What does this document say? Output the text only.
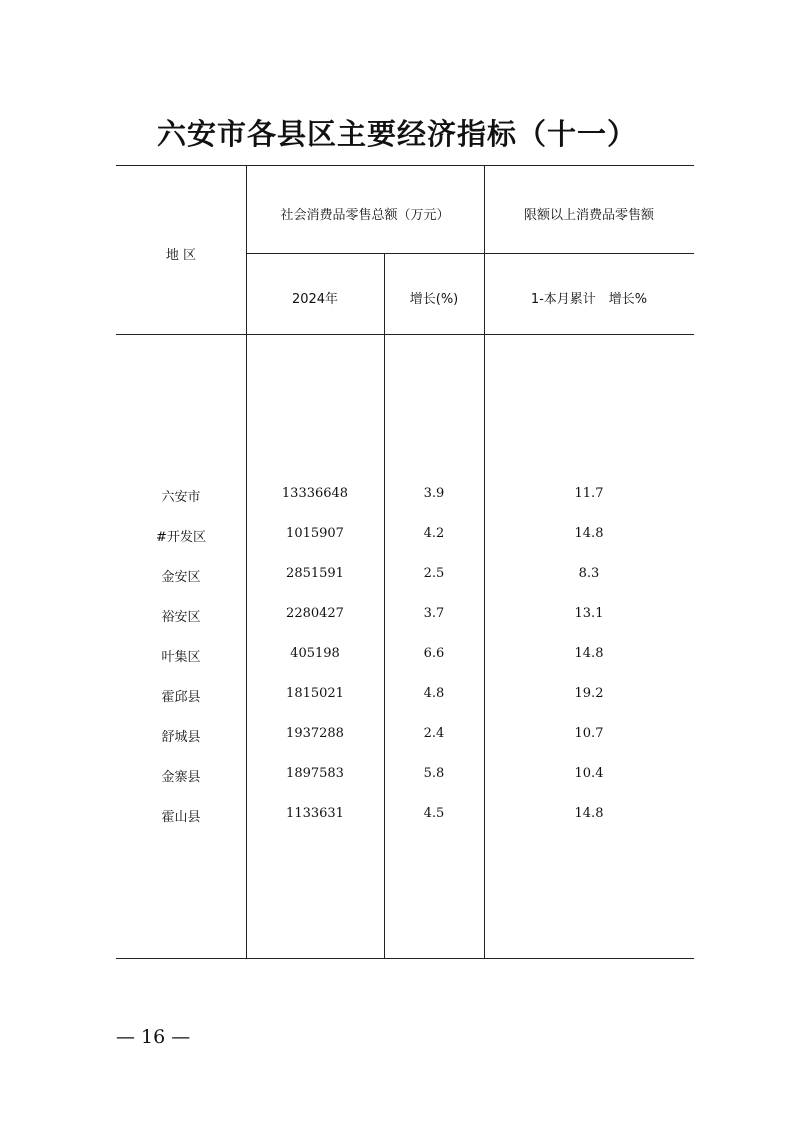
六安市各县区主要经济指标（十一）
地 区
社会消费品零售总额（万元）	限额以上消费品零售额
2024年	增长(%)	1-本月累计　增长%
六安市	13336648	3.9	11.7
#开发区	1015907	4.2	14.8
金安区	2851591	2.5	8.3
裕安区	2280427	3.7	13.1
叶集区	405198	6.6	14.8
霍邱县	1815021	4.8	19.2
舒城县	1937288	2.4	10.7
金寨县	1897583	5.8	10.4
霍山县	1133631	4.5	14.8
— 16 —
